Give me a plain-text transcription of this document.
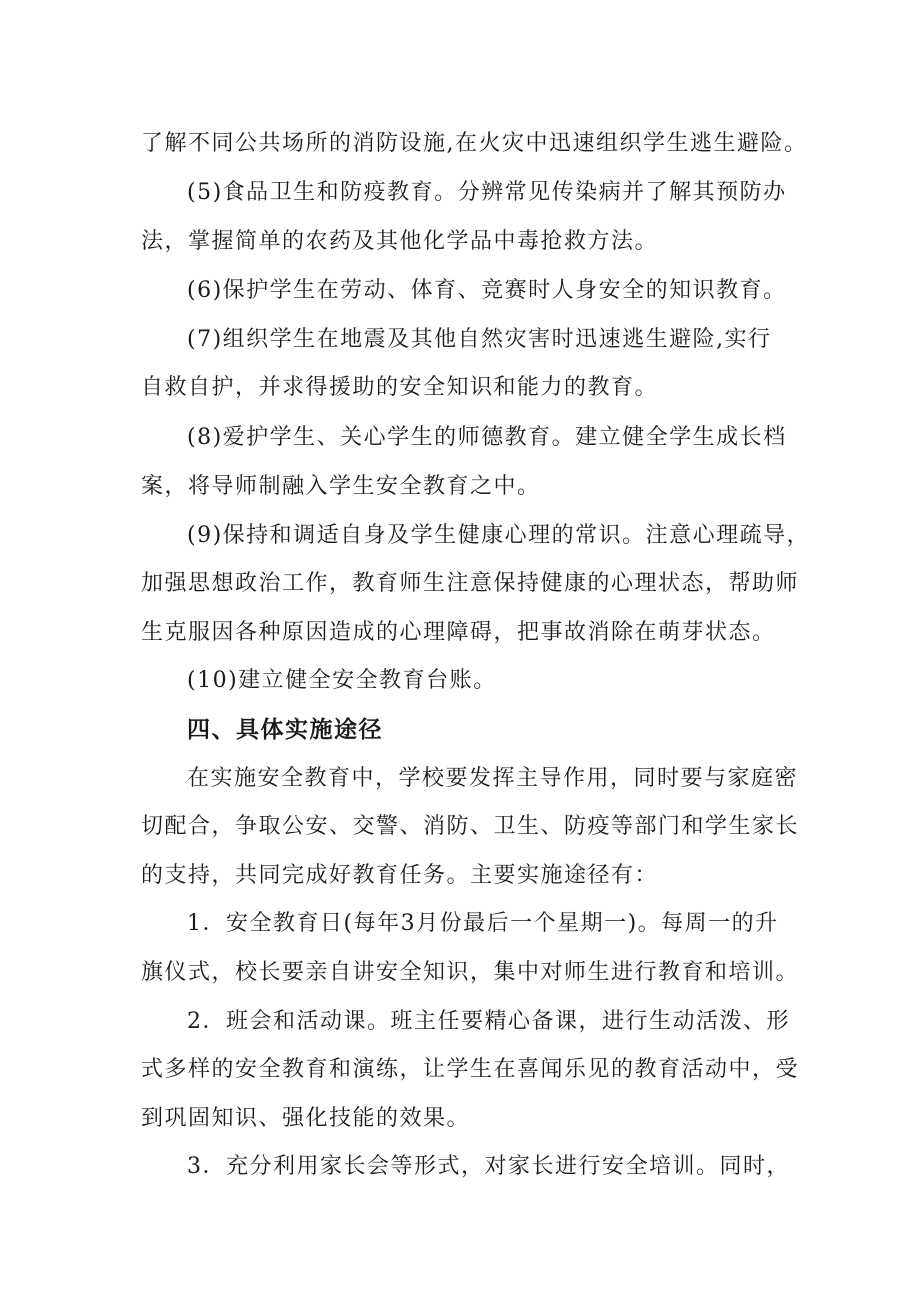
了解不同公共场所的消防设施,在火灾中迅速组织学生逃生避险。
(5)食品卫生和防疫教育。分辨常见传染病并了解其预防办
法，掌握简单的农药及其他化学品中毒抢救方法。
(6)保护学生在劳动、体育、竞赛时人身安全的知识教育。
(7)组织学生在地震及其他自然灾害时迅速逃生避险,实行
自救自护，并求得援助的安全知识和能力的教育。
(8)爱护学生、关心学生的师德教育。建立健全学生成长档
案，将导师制融入学生安全教育之中。
(9)保持和调适自身及学生健康心理的常识。注意心理疏导，
加强思想政治工作，教育师生注意保持健康的心理状态，帮助师
生克服因各种原因造成的心理障碍，把事故消除在萌芽状态。
(10)建立健全安全教育台账。
四、具体实施途径
在实施安全教育中，学校要发挥主导作用，同时要与家庭密
切配合，争取公安、交警、消防、卫生、防疫等部门和学生家长
的支持，共同完成好教育任务。主要实施途径有：
1．安全教育日(每年3月份最后一个星期一)。每周一的升
旗仪式，校长要亲自讲安全知识，集中对师生进行教育和培训。
2．班会和活动课。班主任要精心备课，进行生动活泼、形
式多样的安全教育和演练，让学生在喜闻乐见的教育活动中，受
到巩固知识、强化技能的效果。
3．充分利用家长会等形式，对家长进行安全培训。同时，
